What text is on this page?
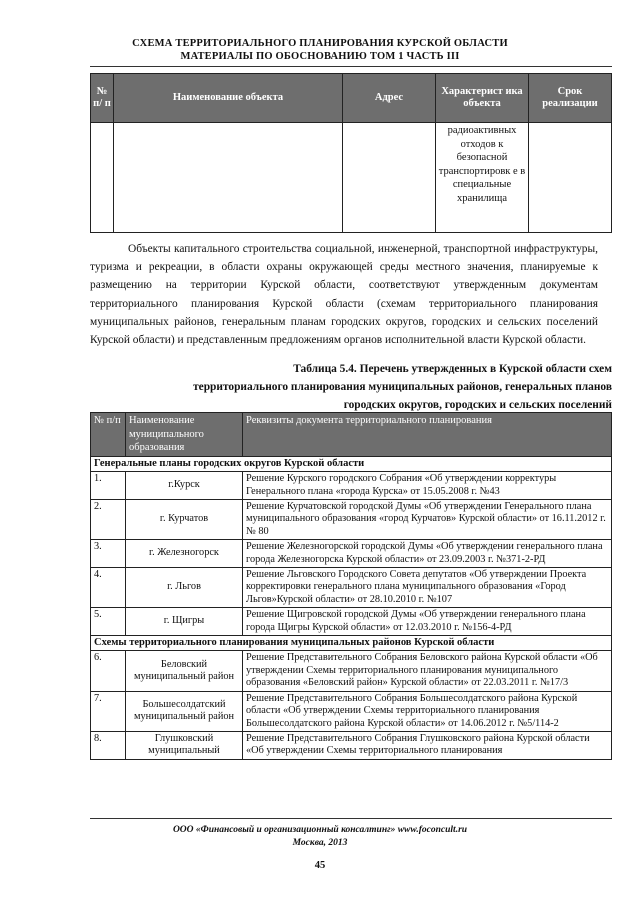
СХЕМА ТЕРРИТОРИАЛЬНОГО ПЛАНИРОВАНИЯ КУРСКОЙ ОБЛАСТИ
МАТЕРИАЛЫ ПО ОБОСНОВАНИЮ ТОМ 1 ЧАСТЬ III
№ п/ п	Наименование объекта	Адрес	Характерист ика объекта	Срок реализации
			радиоактивных отходов к безопасной транспортировк е в специальные хранилища	

Объекты капитального строительства социальной, инженерной, транспортной инфраструктуры, туризма и рекреации, в области охраны окружающей среды местного значения, планируемые к размещению на территории Курской области, соответствуют утвержденным документам территориального планирования Курской области (схемам территориального планирования муниципальных районов, генеральным планам городских округов, городских и сельских поселений Курской области) и представленным предложениям органов исполнительной власти Курской области.

Таблица 5.4. Перечень утвержденных в Курской области схем
территориального планирования муниципальных районов, генеральных планов
городских округов, городских и сельских поселений
№ п/п	Наименование муниципального образования	Реквизиты документа территориального планирования
Генеральные планы городских округов Курской области		
1.	г.Курск	Решение Курского городского Собрания «Об утверждении корректуры Генерального плана «города Курска» от 15.05.2008 г. №43
2.	г. Курчатов	Решение Курчатовской городской Думы «Об утверждении Генерального плана муниципального образования «город Курчатов» Курской области» от 16.11.2012 г. № 80
3.	г. Железногорск	Решение Железногорской городской Думы «Об утверждении генерального плана города Железногорска Курской области» от 23.09.2003 г. №371-2-РД
4.	г. Льгов	Решение Льговского Городского Совета депутатов «Об утверждении Проекта корректировки генерального плана муниципального образования «Город Льгов»Курской области» от 28.10.2010 г. №107
5.	г. Щигры	Решение Щигровской городской Думы «Об утверждении генерального плана города Щигры Курской области» от 12.03.2010 г. №156-4-РД
Схемы территориального планирования муниципальных районов Курской области		
6.	Беловский муниципальный район	Решение Представительного Собрания Беловского района Курской области «Об утверждении Схемы территориального планирования муниципального образования «Беловский район» Курской области» от 22.03.2011 г. №17/3
7.	Большесолдатский муниципальный район	Решение Представительного Собрания Большесолдатского района Курской области «Об утверждении Схемы территориального планирования Большесолдатского района Курской области» от 14.06.2012 г. №5/114-2
8.	Глушковский муниципальный	Решение Представительного Собрания Глушковского района Курской области «Об утверждении Схемы территориального планирования
ООО «Финансовый и организационный консалтинг» www.foconcult.ru
Москва, 2013
45
